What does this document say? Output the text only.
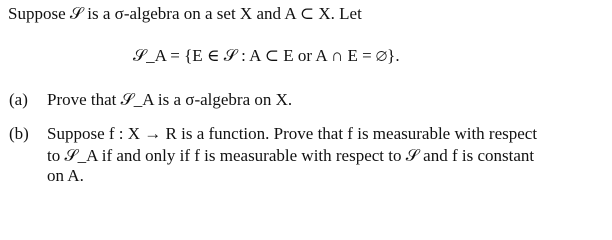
Suppose 𝒮 is a σ-algebra on a set X and A ⊂ X. Let
𝒮_A = {E ∈ 𝒮 : A ⊂ E or A ∩ E = ∅}.
(a) Prove that 𝒮_A is a σ-algebra on X.
(b) Suppose f : X → R is a function. Prove that f is measurable with respect
to 𝒮_A if and only if f is measurable with respect to 𝒮 and f is constant
on A.
